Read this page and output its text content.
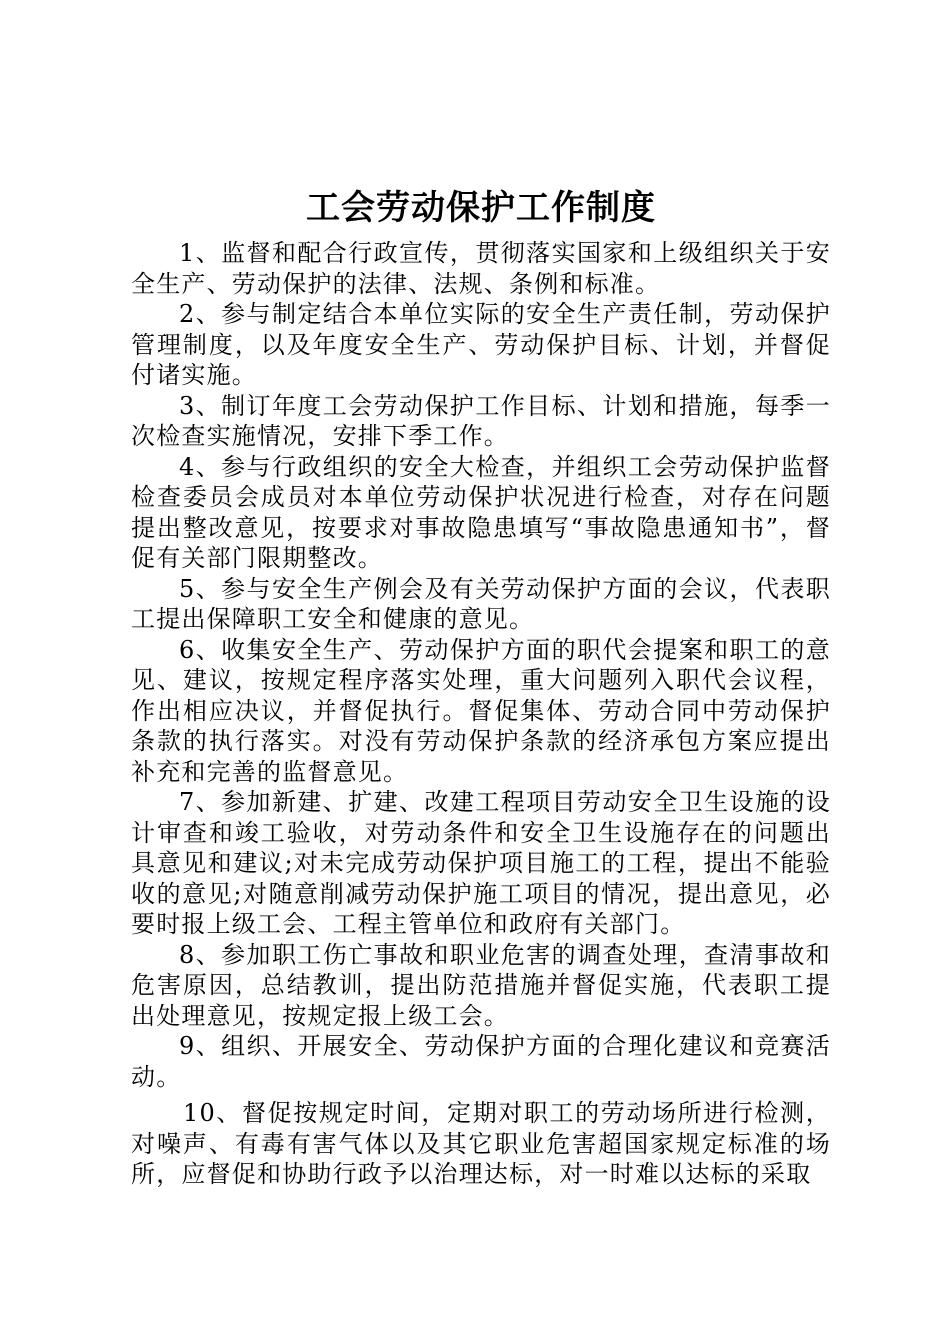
工会劳动保护工作制度

1、监督和配合行政宣传，贯彻落实国家和上级组织关于安全生产、劳动保护的法律、法规、条例和标准。

2、参与制定结合本单位实际的安全生产责任制，劳动保护管理制度，以及年度安全生产、劳动保护目标、计划，并督促付诸实施。

3、制订年度工会劳动保护工作目标、计划和措施，每季一次检查实施情况，安排下季工作。

4、参与行政组织的安全大检查，并组织工会劳动保护监督检查委员会成员对本单位劳动保护状况进行检查，对存在问题提出整改意见，按要求对事故隐患填写“事故隐患通知书”，督促有关部门限期整改。

5、参与安全生产例会及有关劳动保护方面的会议，代表职工提出保障职工安全和健康的意见。

6、收集安全生产、劳动保护方面的职代会提案和职工的意见、建议，按规定程序落实处理，重大问题列入职代会议程，作出相应决议，并督促执行。督促集体、劳动合同中劳动保护条款的执行落实。对没有劳动保护条款的经济承包方案应提出补充和完善的监督意见。

7、参加新建、扩建、改建工程项目劳动安全卫生设施的设计审查和竣工验收，对劳动条件和安全卫生设施存在的问题出具意见和建议;对未完成劳动保护项目施工的工程，提出不能验收的意见;对随意削减劳动保护施工项目的情况，提出意见，必要时报上级工会、工程主管单位和政府有关部门。

8、参加职工伤亡事故和职业危害的调查处理，查清事故和危害原因，总结教训，提出防范措施并督促实施，代表职工提出处理意见，按规定报上级工会。

9、组织、开展安全、劳动保护方面的合理化建议和竞赛活动。

10、督促按规定时间，定期对职工的劳动场所进行检测，对噪声、有毒有害气体以及其它职业危害超国家规定标准的场所，应督促和协助行政予以治理达标，对一时难以达标的采取
